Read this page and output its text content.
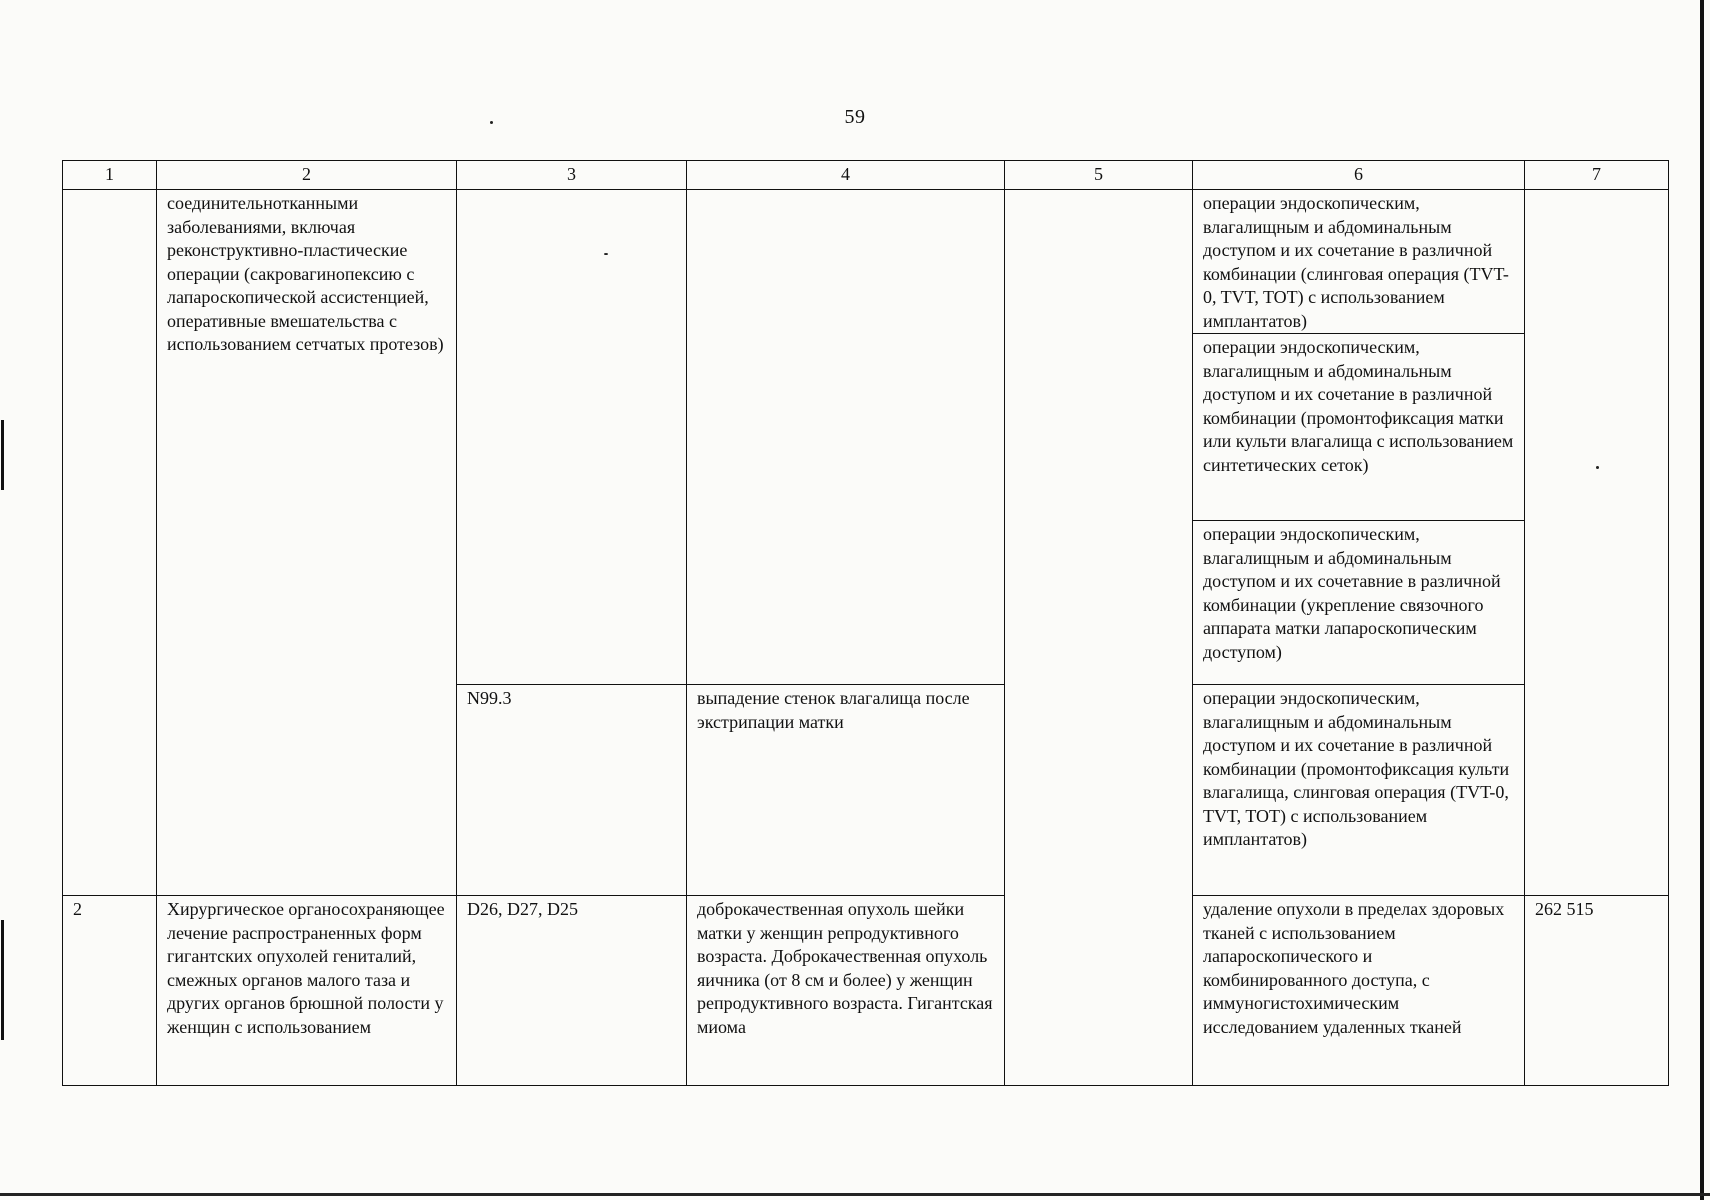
59
1	2	3	4	5	6	7
	соединительнотканными заболеваниями, включая реконструктивно-пластические операции (сакровагинопексию с лапароскопической ассистенцией, оперативные вмешательства с использованием сетчатых протезов)				операции эндоскопическим, влагалищным и абдоминальным доступом и их сочетание в различной комбинации (слинговая операция (TVT-0, TVT, TOT) с использованием имплантатов)	
					операции эндоскопическим, влагалищным и абдоминальным доступом и их сочетание в различной комбинации (промонтофиксация матки или культи влагалища с использованием синтетических сеток)	
					операции эндоскопическим, влагалищным и абдоминальным доступом и их сочетавние в различной комбинации (укрепление связочного аппарата матки лапароскопическим доступом)	
		N99.3	выпадение стенок влагалища после экстрипации матки		операции эндоскопическим, влагалищным и абдоминальным доступом и их сочетание в различной комбинации (промонтофиксация культи влагалища, слинговая операция (TVT-0, TVT, TOT) с использованием имплантатов)	
2	Хирургическое органосохраняющее лечение распространенных форм гигантских опухолей гениталий, смежных органов малого таза и других органов брюшной полости у женщин с использованием	D26, D27, D25	доброкачественная опухоль шейки матки у женщин репродуктивного возраста. Доброкачественная опухоль яичника (от 8 см и более) у женщин репродуктивного возраста. Гигантская миома		удаление опухоли в пределах здоровых тканей с использованием лапароскопического и комбинированного доступа, с иммуногистохимическим исследованием удаленных тканей	262 515
